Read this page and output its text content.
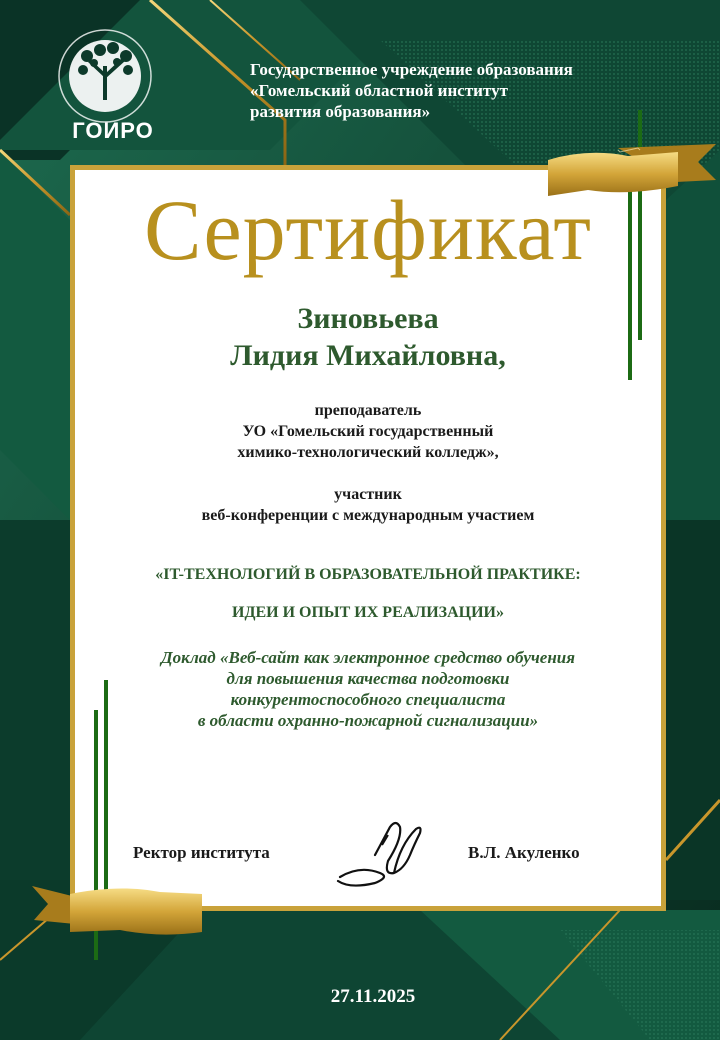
ГОИРО
Государственное учреждение образования
«Гомельский областной институт
развития образования»
Сертификат
Зиновьева
Лидия Михайловна,
преподаватель
УО «Гомельский государственный
химико-технологический колледж»,
участник
веб-конференции с международным участием
«IT-ТЕХНОЛОГИЙ В ОБРАЗОВАТЕЛЬНОЙ ПРАКТИКЕ:
ИДЕИ И ОПЫТ ИХ РЕАЛИЗАЦИИ»
Доклад «Веб-сайт как электронное средство обучения
для повышения качества подготовки
конкурентоспособного специалиста
в области охранно-пожарной сигнализации»
Ректор института	В.Л. Акуленко
27.11.2025
